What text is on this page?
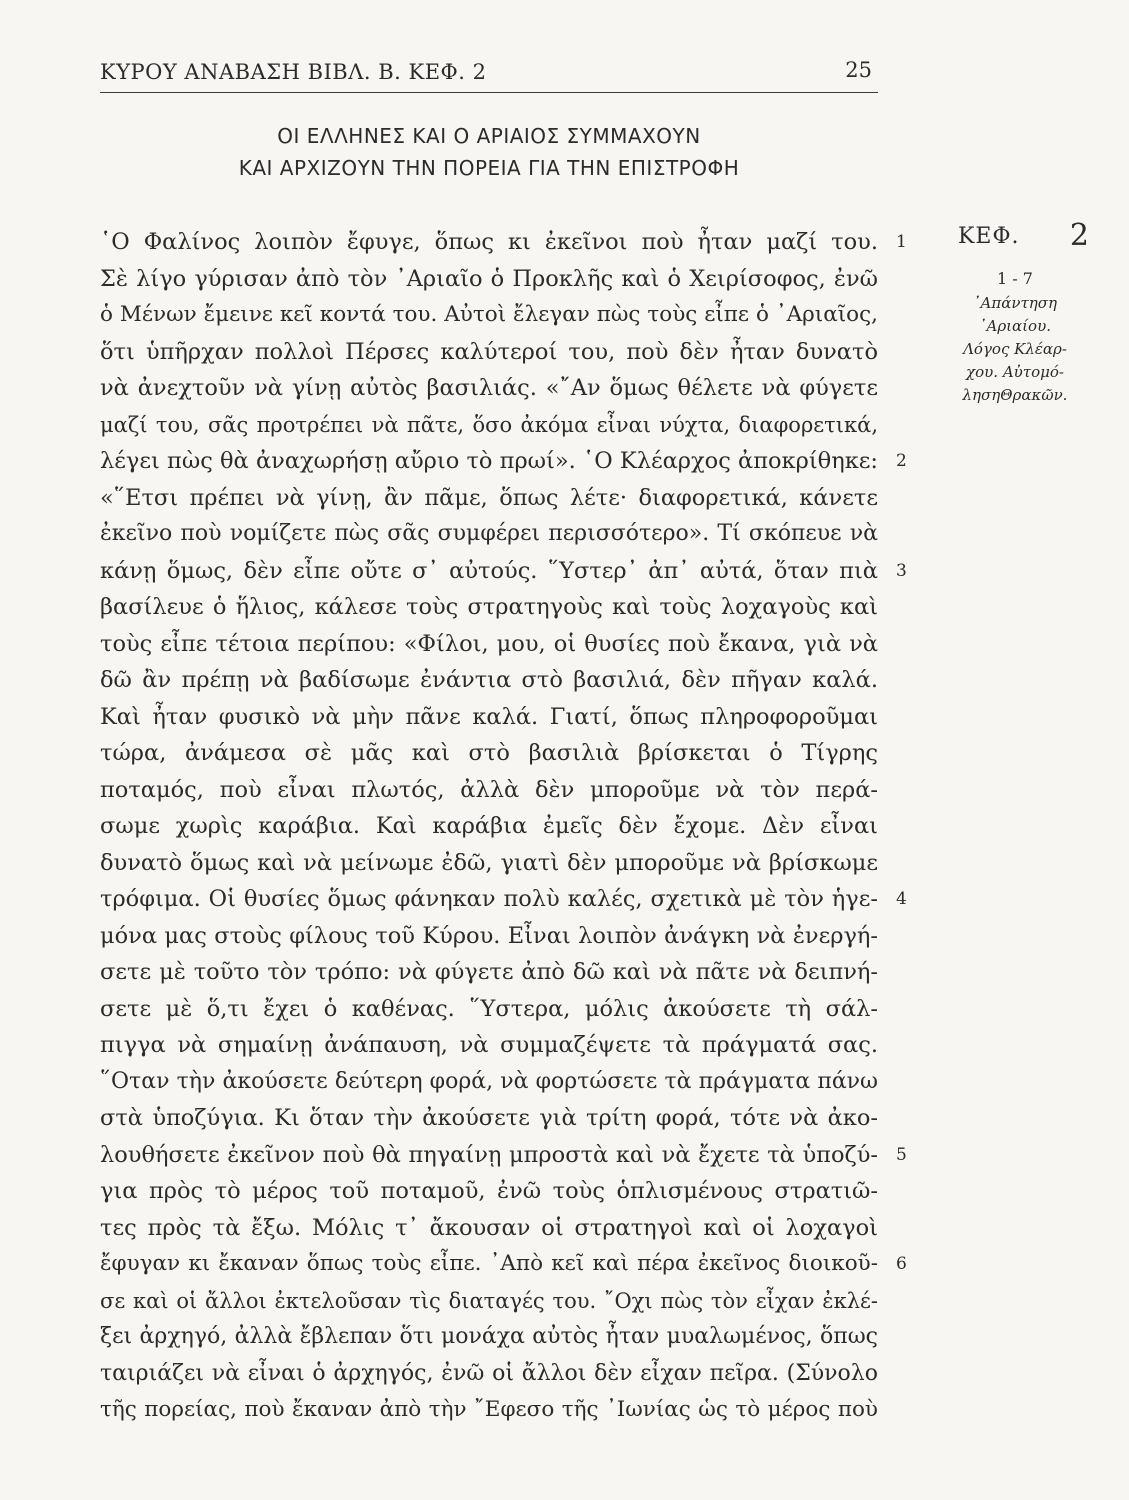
ΚΥΡΟΥ ΑΝΑΒΑΣΗ ΒΙΒΛ. Β. ΚΕΦ. 2	25
ΟΙ ΕΛΛΗΝΕΣ ΚΑΙ Ο ΑΡΙΑΙΟΣ ΣΥΜΜΑΧΟΥΝ
ΚΑΙ ΑΡΧΙΖΟΥΝ ΤΗΝ ΠΟΡΕΙΑ ΓΙΑ ΤΗΝ ΕΠΙΣΤΡΟΦΗ
῾Ο Φαλίνος λοιπὸν ἔφυγε, ὅπως κι ἐκεῖνοι ποὺ ἦταν μαζί του.
Σὲ λίγο γύρισαν ἀπὸ τὸν ᾿Αριαῖο ὁ Προκλῆς καὶ ὁ Χειρίσοφος, ἐνῶ
ὁ Μένων ἔμεινε κεῖ κοντά του. Αὐτοὶ ἔλεγαν πὼς τοὺς εἶπε ὁ ᾿Αριαῖος,
ὅτι ὑπῆρχαν πολλοὶ Πέρσες καλύτεροί του, ποὺ δὲν ἦταν δυνατὸ
νὰ ἀνεχτοῦν νὰ γίνῃ αὐτὸς βασιλιάς. «῎Αν ὅμως θέλετε νὰ φύγετε
μαζί του, σᾶς προτρέπει νὰ πᾶτε, ὅσο ἀκόμα εἶναι νύχτα, διαφορετικά,
λέγει πὼς θὰ ἀναχωρήσῃ αὔριο τὸ πρωί». ῾Ο Κλέαρχος ἀποκρίθηκε:
«῞Ετσι πρέπει νὰ γίνῃ, ἂν πᾶμε, ὅπως λέτε· διαφορετικά, κάνετε
ἐκεῖνο ποὺ νομίζετε πὼς σᾶς συμφέρει περισσότερο». Τί σκόπευε νὰ
κάνῃ ὅμως, δὲν εἶπε οὔτε σ᾿ αὐτούς. ῞Υστερ᾿ ἀπ᾿ αὐτά, ὅταν πιὰ
βασίλευε ὁ ἥλιος, κάλεσε τοὺς στρατηγοὺς καὶ τοὺς λοχαγοὺς καὶ
τοὺς εἶπε τέτοια περίπου: «Φίλοι, μου, οἱ θυσίες ποὺ ἔκανα, γιὰ νὰ
δῶ ἂν πρέπῃ νὰ βαδίσωμε ἐνάντια στὸ βασιλιά, δὲν πῆγαν καλά.
Καὶ ἦταν φυσικὸ νὰ μὴν πᾶνε καλά. Γιατί, ὅπως πληροφοροῦμαι
τώρα, ἀνάμεσα σὲ μᾶς καὶ στὸ βασιλιὰ βρίσκεται ὁ Τίγρης
ποταμός, ποὺ εἶναι πλωτός, ἀλλὰ δὲν μποροῦμε νὰ τὸν περά-
σωμε χωρὶς καράβια. Καὶ καράβια ἐμεῖς δὲν ἔχομε. Δὲν εἶναι
δυνατὸ ὅμως καὶ νὰ μείνωμε ἐδῶ, γιατὶ δὲν μποροῦμε νὰ βρίσκωμε
τρόφιμα. Οἱ θυσίες ὅμως φάνηκαν πολὺ καλές, σχετικὰ μὲ τὸν ἡγε-
μόνα μας στοὺς φίλους τοῦ Κύρου. Εἶναι λοιπὸν ἀνάγκη νὰ ἐνεργή-
σετε μὲ τοῦτο τὸν τρόπο: νὰ φύγετε ἀπὸ δῶ καὶ νὰ πᾶτε νὰ δειπνή-
σετε μὲ ὅ,τι ἔχει ὁ καθένας. ῞Υστερα, μόλις ἀκούσετε τὴ σάλ-
πιγγα νὰ σημαίνῃ ἀνάπαυση, νὰ συμμαζέψετε τὰ πράγματά σας.
῞Οταν τὴν ἀκούσετε δεύτερη φορά, νὰ φορτώσετε τὰ πράγματα πάνω
στὰ ὑποζύγια. Κι ὅταν τὴν ἀκούσετε γιὰ τρίτη φορά, τότε νὰ ἀκο-
λουθήσετε ἐκεῖνον ποὺ θὰ πηγαίνῃ μπροστὰ καὶ νὰ ἔχετε τὰ ὑποζύ-
για πρὸς τὸ μέρος τοῦ ποταμοῦ, ἐνῶ τοὺς ὁπλισμένους στρατιῶ-
τες πρὸς τὰ ἔξω. Μόλις τ᾿ ἄκουσαν οἱ στρατηγοὶ καὶ οἱ λοχαγοὶ
ἔφυγαν κι ἔκαναν ὅπως τοὺς εἶπε. ᾿Απὸ κεῖ καὶ πέρα ἐκεῖνος διοικοῦ-
σε καὶ οἱ ἄλλοι ἐκτελοῦσαν τὶς διαταγές του. ῎Οχι πὼς τὸν εἶχαν ἐκλέ-
ξει ἀρχηγό, ἀλλὰ ἔβλεπαν ὅτι μονάχα αὐτὸς ἦταν μυαλωμένος, ὅπως
ταιριάζει νὰ εἶναι ὁ ἀρχηγός, ἐνῶ οἱ ἄλλοι δὲν εἶχαν πεῖρα. (Σύνολο
τῆς πορείας, ποὺ ἔκαναν ἀπὸ τὴν ῎Εφεσο τῆς ᾿Ιωνίας ὡς τὸ μέρος ποὺ
1
2
3
4
5
6
ΚΕΦ. 2
1 - 7
᾿Απάντηση
᾿Αριαίου.
Λόγος Κλέαρ-
χου. Αὐτομό-
λησηΘρακῶν.
